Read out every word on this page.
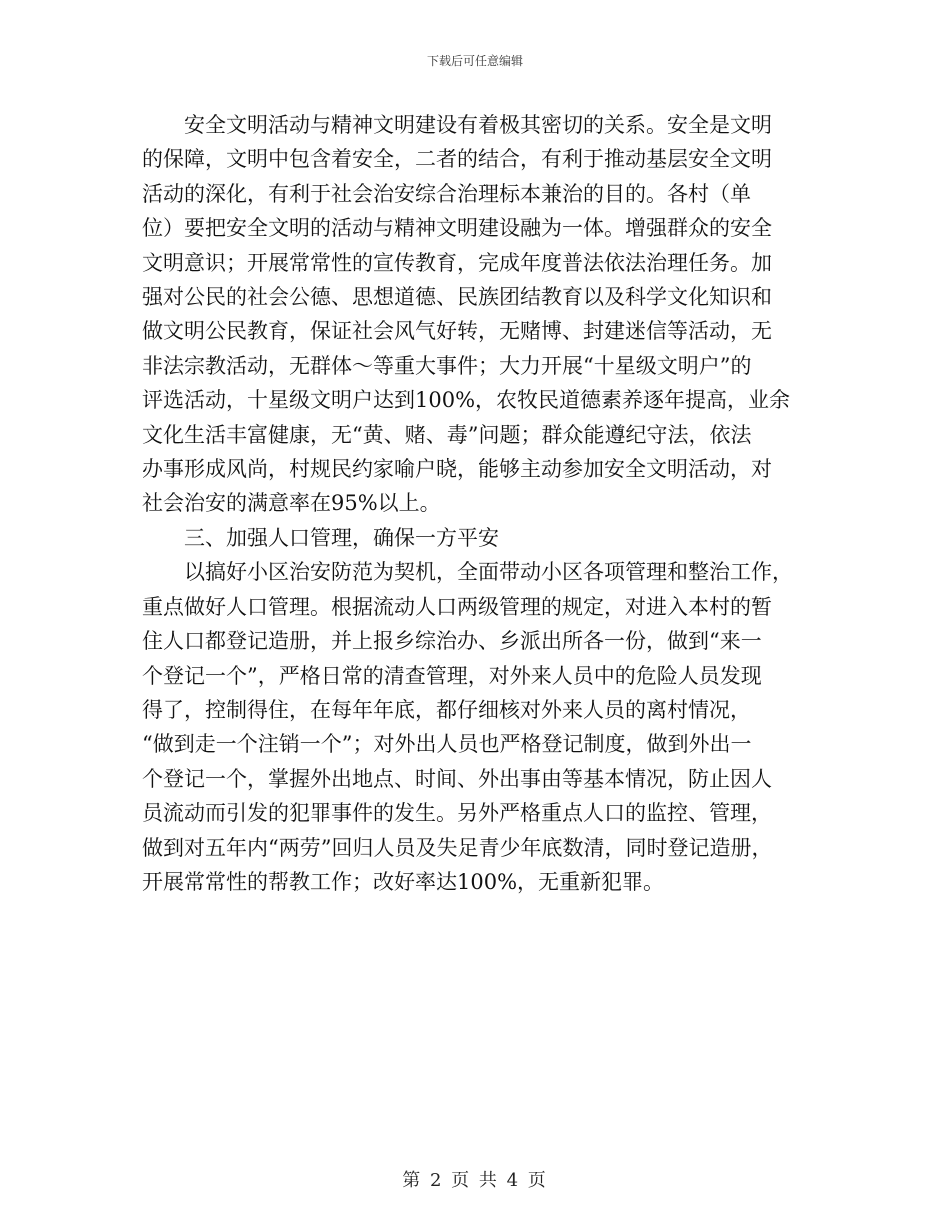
下载后可任意编辑

安全文明活动与精神文明建设有着极其密切的关系。安全是文明
的保障，文明中包含着安全，二者的结合，有利于推动基层安全文明
活动的深化，有利于社会治安综合治理标本兼治的目的。各村（单
位）要把安全文明的活动与精神文明建设融为一体。增强群众的安全
文明意识；开展常常性的宣传教育，完成年度普法依法治理任务。加
强对公民的社会公德、思想道德、民族团结教育以及科学文化知识和
做文明公民教育，保证社会风气好转，无赌博、封建迷信等活动，无
非法宗教活动，无群体～等重大事件；大力开展“十星级文明户”的
评选活动，十星级文明户达到100%，农牧民道德素养逐年提高，业余
文化生活丰富健康，无“黄、赌、毒”问题；群众能遵纪守法，依法
办事形成风尚，村规民约家喻户晓，能够主动参加安全文明活动，对
社会治安的满意率在95%以上。

三、加强人口管理，确保一方平安

以搞好小区治安防范为契机，全面带动小区各项管理和整治工作，
重点做好人口管理。根据流动人口两级管理的规定，对进入本村的暂
住人口都登记造册，并上报乡综治办、乡派出所各一份，做到“来一
个登记一个”，严格日常的清查管理，对外来人员中的危险人员发现
得了，控制得住，在每年年底，都仔细核对外来人员的离村情况，
“做到走一个注销一个”；对外出人员也严格登记制度，做到外出一
个登记一个，掌握外出地点、时间、外出事由等基本情况，防止因人
员流动而引发的犯罪事件的发生。另外严格重点人口的监控、管理，
做到对五年内“两劳”回归人员及失足青少年底数清，同时登记造册，
开展常常性的帮教工作；改好率达100%，无重新犯罪。

第 2 页 共 4 页
